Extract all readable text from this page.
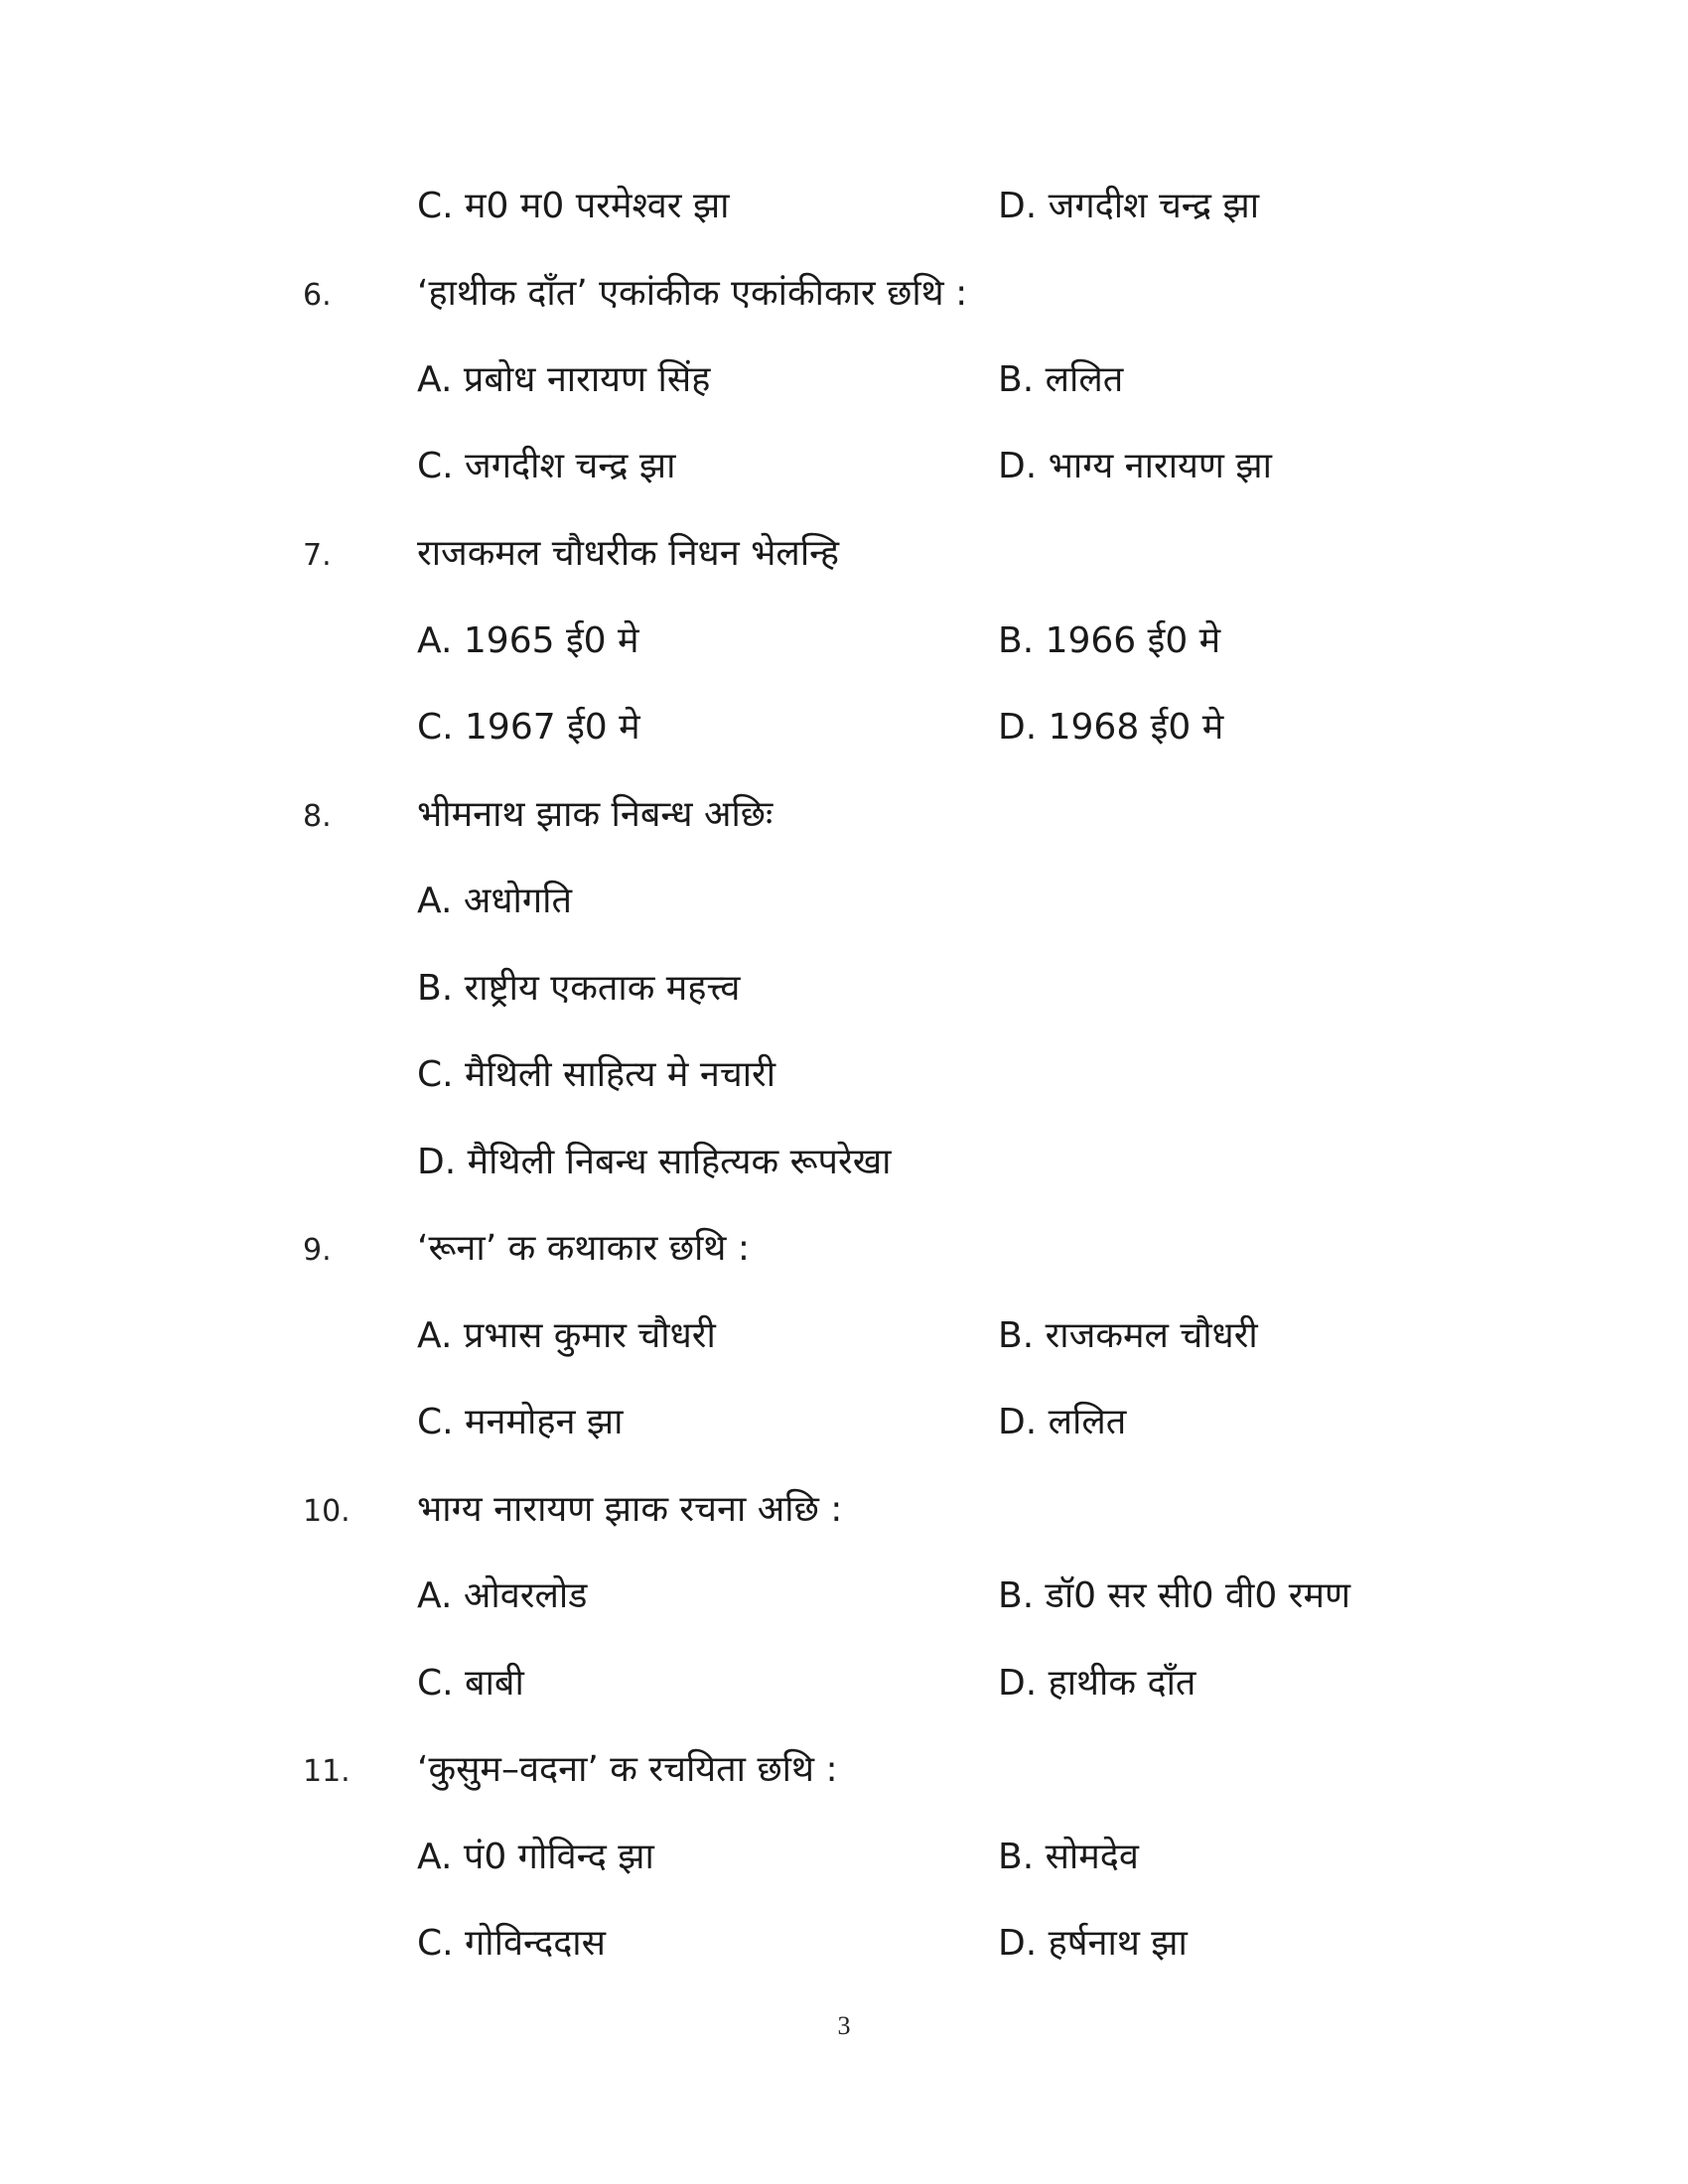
C. म0 म0 परमेश्वर झा	D. जगदीश चन्द्र झा
6. ‘हाथीक दाँत’ एकांकीक एकांकीकार छथि :
A. प्रबोध नारायण सिंह	B. ललित
C. जगदीश चन्द्र झा	D. भाग्य नारायण झा
7. राजकमल चौधरीक निधन भेलन्हि
A. 1965 ई0 मे	B. 1966 ई0 मे
C. 1967 ई0 मे	D. 1968 ई0 मे
8. भीमनाथ झाक निबन्ध अछिः
A. अधोगति
B. राष्ट्रीय एकताक महत्त्व
C. मैथिली साहित्य मे नचारी
D. मैथिली निबन्ध साहित्यक रूपरेखा
9. ‘रूना’ क कथाकार छथि :
A. प्रभास कुमार चौधरी	B. राजकमल चौधरी
C. मनमोहन झा	D. ललित
10. भाग्य नारायण झाक रचना अछि :
A. ओवरलोड	B. डॉ0 सर सी0 वी0 रमण
C. बाबी	D. हाथीक दाँत
11. ‘कुसुम–वदना’ क रचयिता छथि :
A. पं0 गोविन्द झा	B. सोमदेव
C. गोविन्ददास	D. हर्षनाथ झा
3
